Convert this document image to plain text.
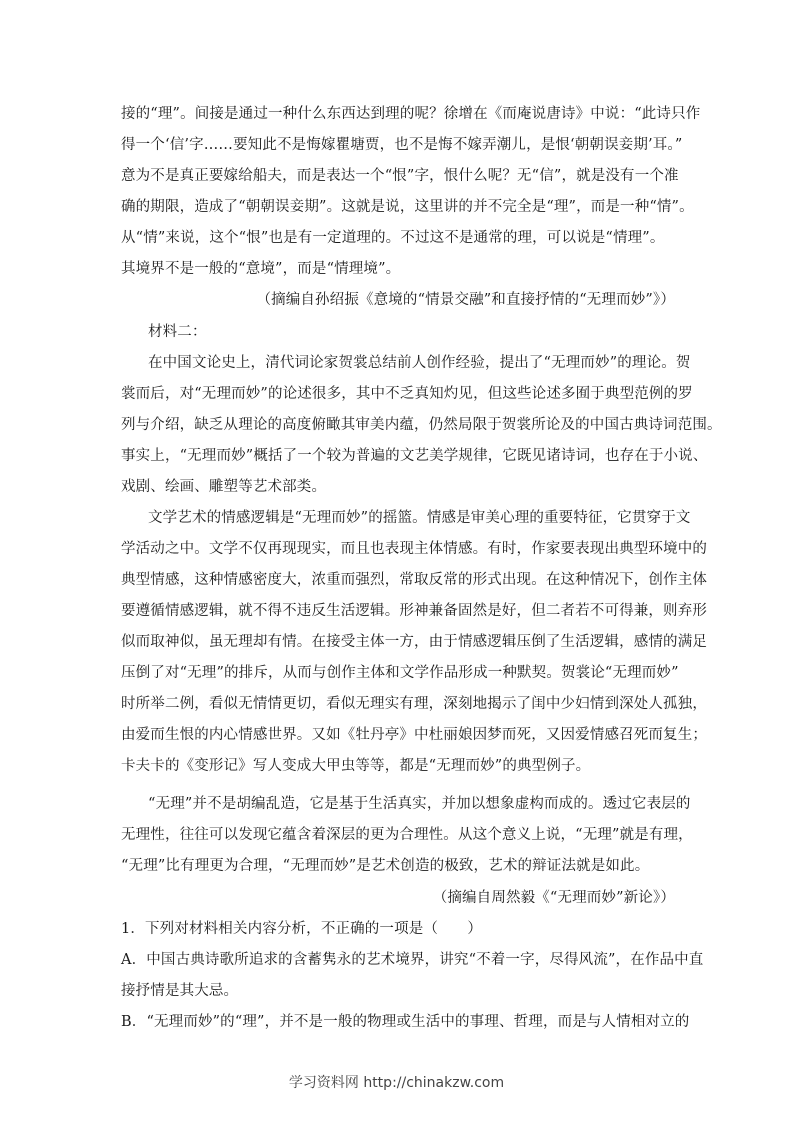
接的“理”。间接是通过一种什么东西达到理的呢？徐增在《而庵说唐诗》中说：“此诗只作
得一个‘信’字……要知此不是悔嫁瞿塘贾，也不是悔不嫁弄潮儿，是恨‘朝朝误妾期’耳。”
意为不是真正要嫁给船夫，而是表达一个“恨”字，恨什么呢？无“信”，就是没有一个准
确的期限，造成了“朝朝误妾期”。这就是说，这里讲的并不完全是“理”，而是一种“情”。
从“情”来说，这个“恨”也是有一定道理的。不过这不是通常的理，可以说是“情理”。
其境界不是一般的“意境”，而是“情理境”。
（摘编自孙绍振《意境的“情景交融”和直接抒情的“无理而妙”》）
材料二：
在中国文论史上，清代词论家贺裳总结前人创作经验，提出了“无理而妙”的理论。贺
裳而后，对“无理而妙”的论述很多，其中不乏真知灼见，但这些论述多囿于典型范例的罗
列与介绍，缺乏从理论的高度俯瞰其审美内蕴，仍然局限于贺裳所论及的中国古典诗词范围。
事实上，“无理而妙”概括了一个较为普遍的文艺美学规律，它既见诸诗词，也存在于小说、
戏剧、绘画、雕塑等艺术部类。
文学艺术的情感逻辑是“无理而妙”的摇篮。情感是审美心理的重要特征，它贯穿于文
学活动之中。文学不仅再现现实，而且也表现主体情感。有时，作家要表现出典型环境中的
典型情感，这种情感密度大，浓重而强烈，常取反常的形式出现。在这种情况下，创作主体
要遵循情感逻辑，就不得不违反生活逻辑。形神兼备固然是好，但二者若不可得兼，则弃形
似而取神似，虽无理却有情。在接受主体一方，由于情感逻辑压倒了生活逻辑，感情的满足
压倒了对“无理”的排斥，从而与创作主体和文学作品形成一种默契。贺裳论“无理而妙”
时所举二例，看似无情情更切，看似无理实有理，深刻地揭示了闺中少妇情到深处人孤独，
由爱而生恨的内心情感世界。又如《牡丹亭》中杜丽娘因梦而死，又因爱情感召死而复生；
卡夫卡的《变形记》写人变成大甲虫等等，都是“无理而妙”的典型例子。
“无理”并不是胡编乱造，它是基于生活真实，并加以想象虚构而成的。透过它表层的
无理性，往往可以发现它蕴含着深层的更为合理性。从这个意义上说，“无理”就是有理，
“无理”比有理更为合理，“无理而妙”是艺术创造的极致，艺术的辩证法就是如此。
（摘编自周然毅《“无理而妙”新论》）
1．下列对材料相关内容分析，不正确的一项是（　　）
A．中国古典诗歌所追求的含蓄隽永的艺术境界，讲究“不着一字，尽得风流”，在作品中直
接抒情是其大忌。
B．“无理而妙”的“理”，并不是一般的物理或生活中的事理、哲理，而是与人情相对立的
学习资料网 http://chinakzw.com
